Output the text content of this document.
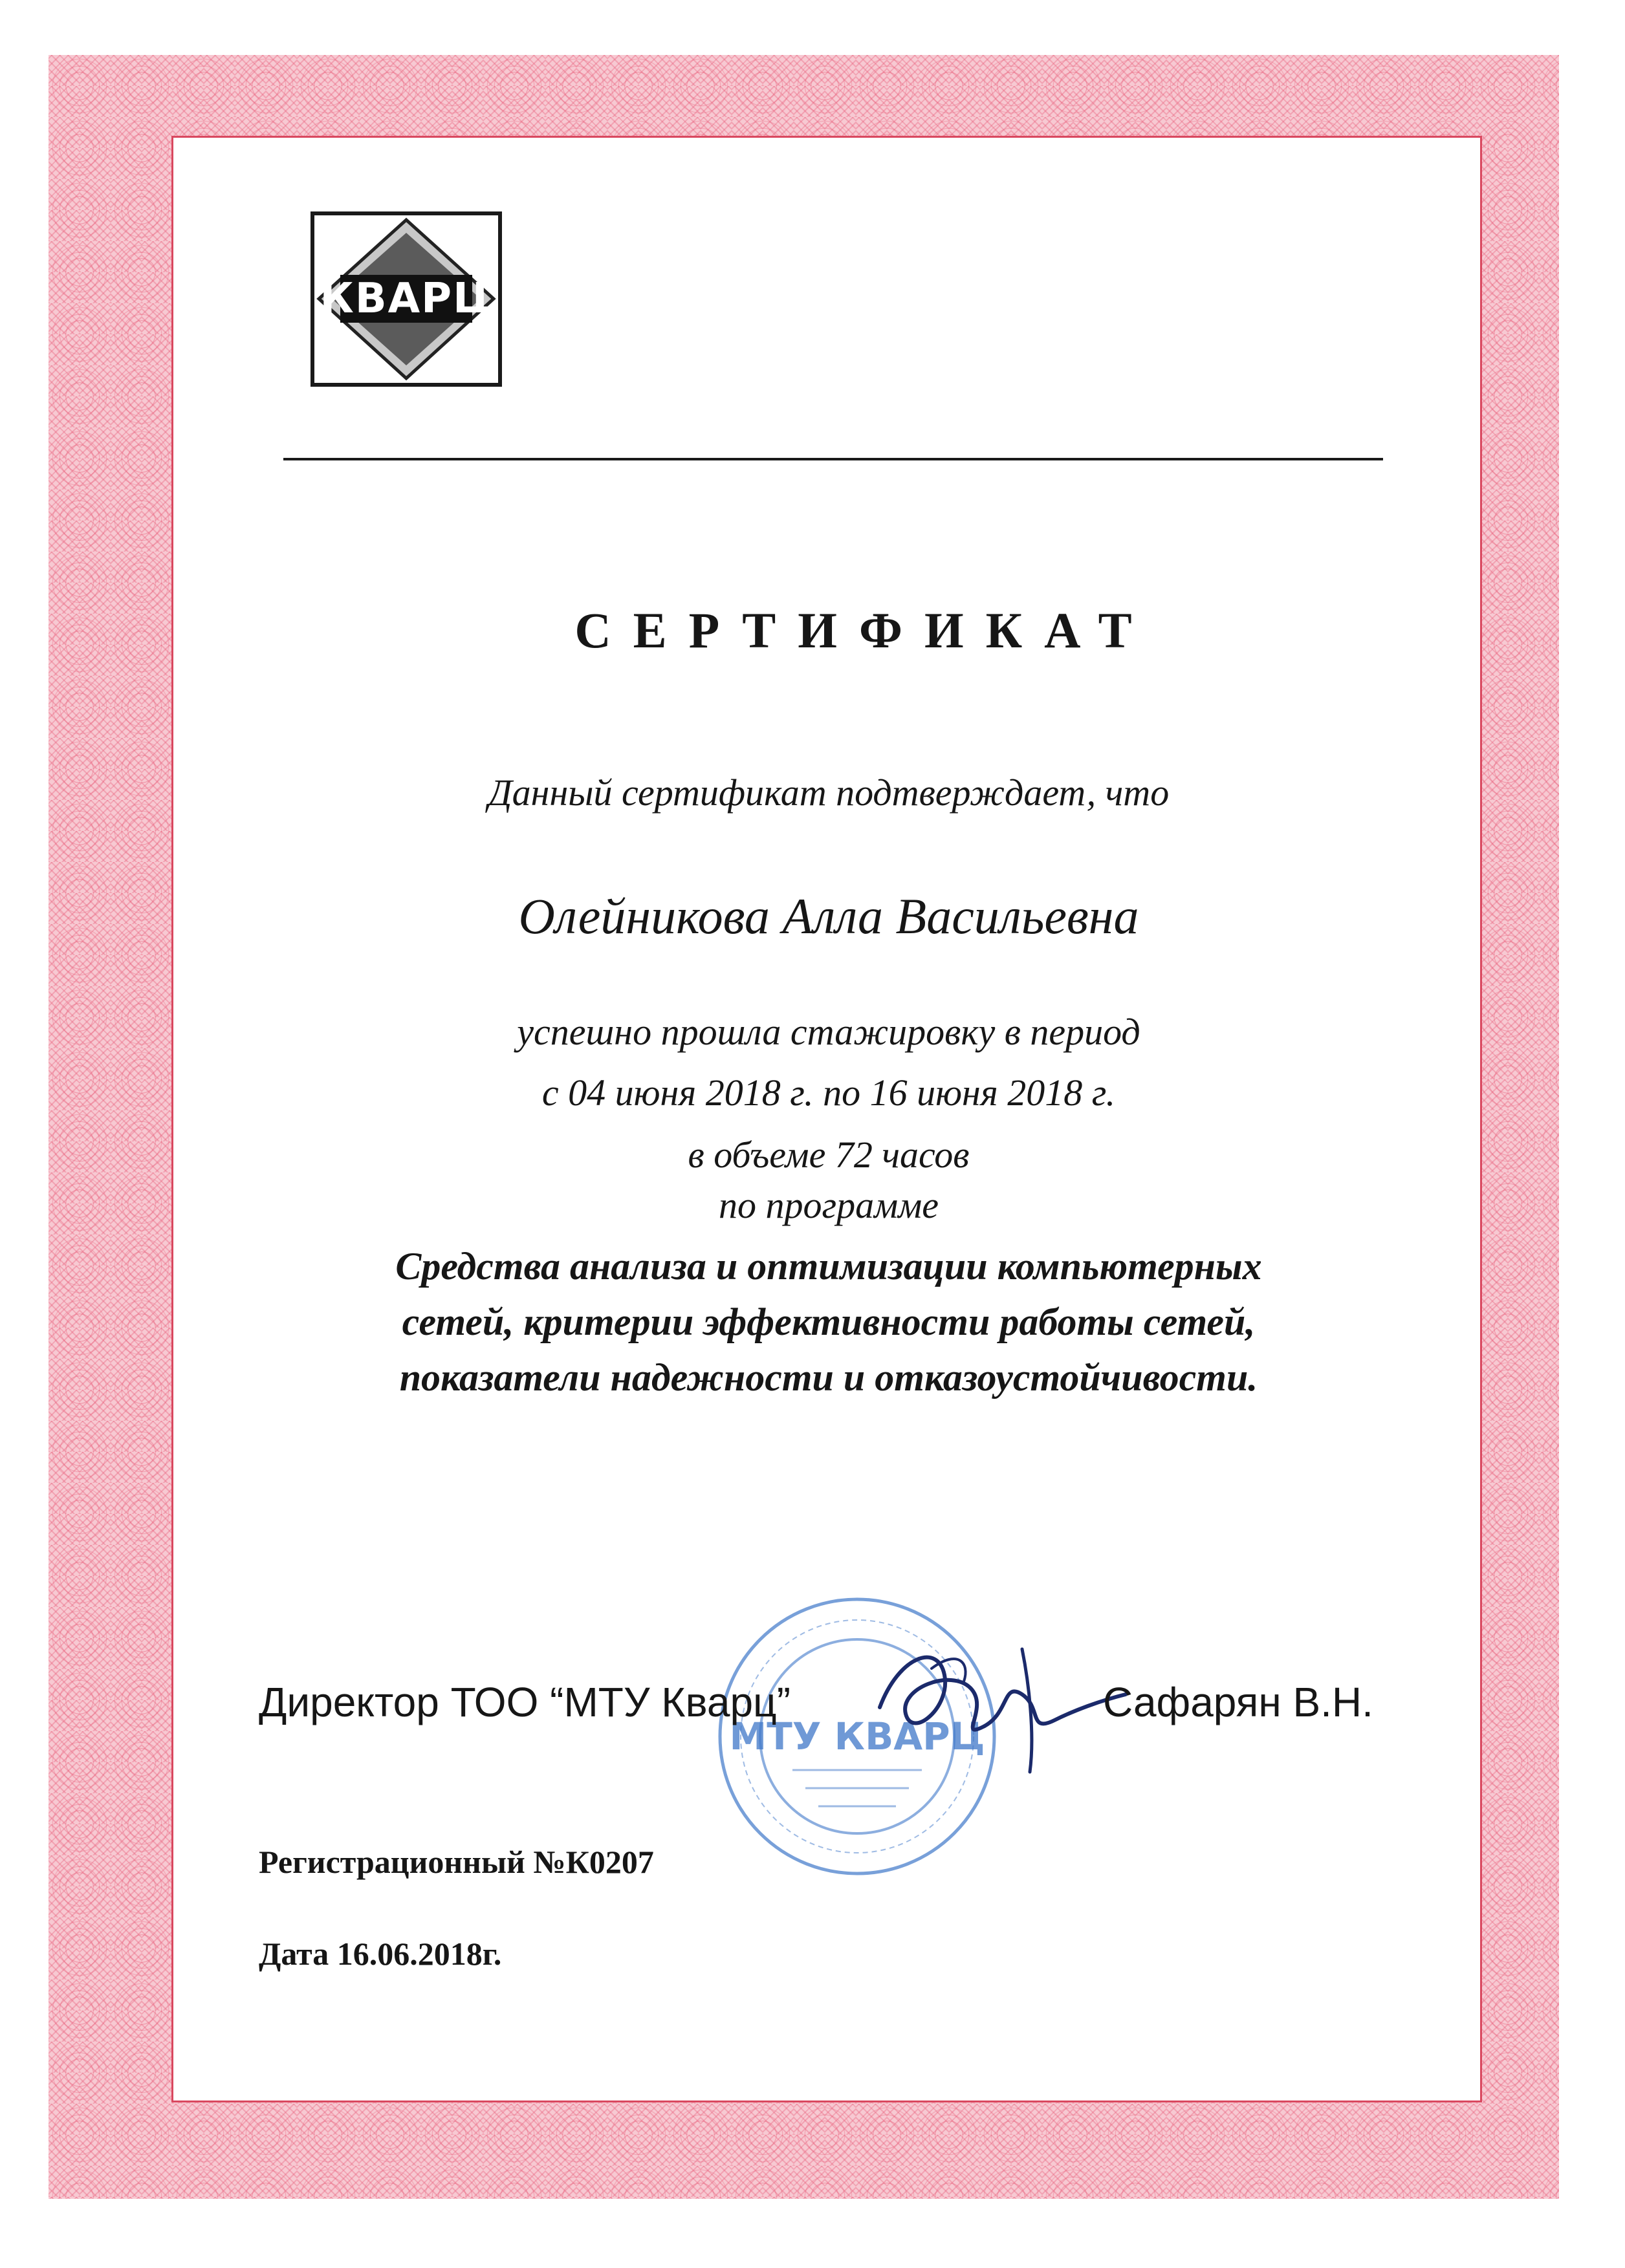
КВАРЦ
СЕРТИФИКАТ
Данный сертификат подтверждает, что
Олейникова Алла Васильевна
успешно прошла стажировку в период
с 04 июня 2018 г. по 16 июня 2018 г.
в объеме 72 часов
по программе
Средства анализа и оптимизации компьютерных
сетей, критерии эффективности работы сетей,
показатели надежности и отказоустойчивости.
МТУ КВАРЦ
Директор ТОО “МТУ Кварц”	Сафарян В.Н.
Регистрационный №К0207
Дата 16.06.2018г.
